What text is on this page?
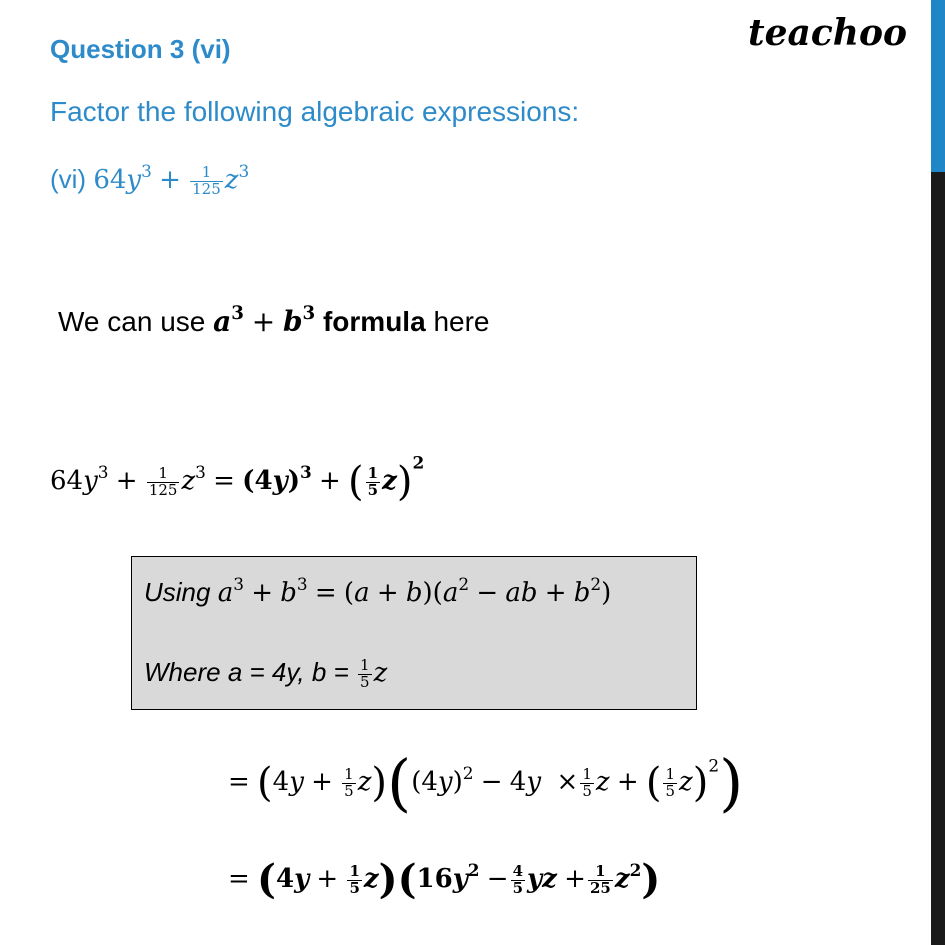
teachoo
Question 3 (vi)
Factor the following algebraic expressions:
(vi) $64y^3 + \frac{1}{125} z^3$
We can use $a^3 + b^3$ formula here
$64y^3 + \frac{1}{125} z^3 = (4y)^3$ + ( $\frac{1}{5} z)^2$
Using $a^3 + b^3 = (a + b)(a^2$ − ab + $b^2$)
Where a = 4y, $b = \frac{1}{5}$ z
= $(4y + \frac{1}{5} z)((4y)^2 - 4y \times \frac{1}{5}$ z + ( $\frac{1}{5} z)^2$)
= $(4y + \frac{1}{5} z)(16y^2 - \frac{4}{5}$ yz + $\frac{1}{25} z^2$)
